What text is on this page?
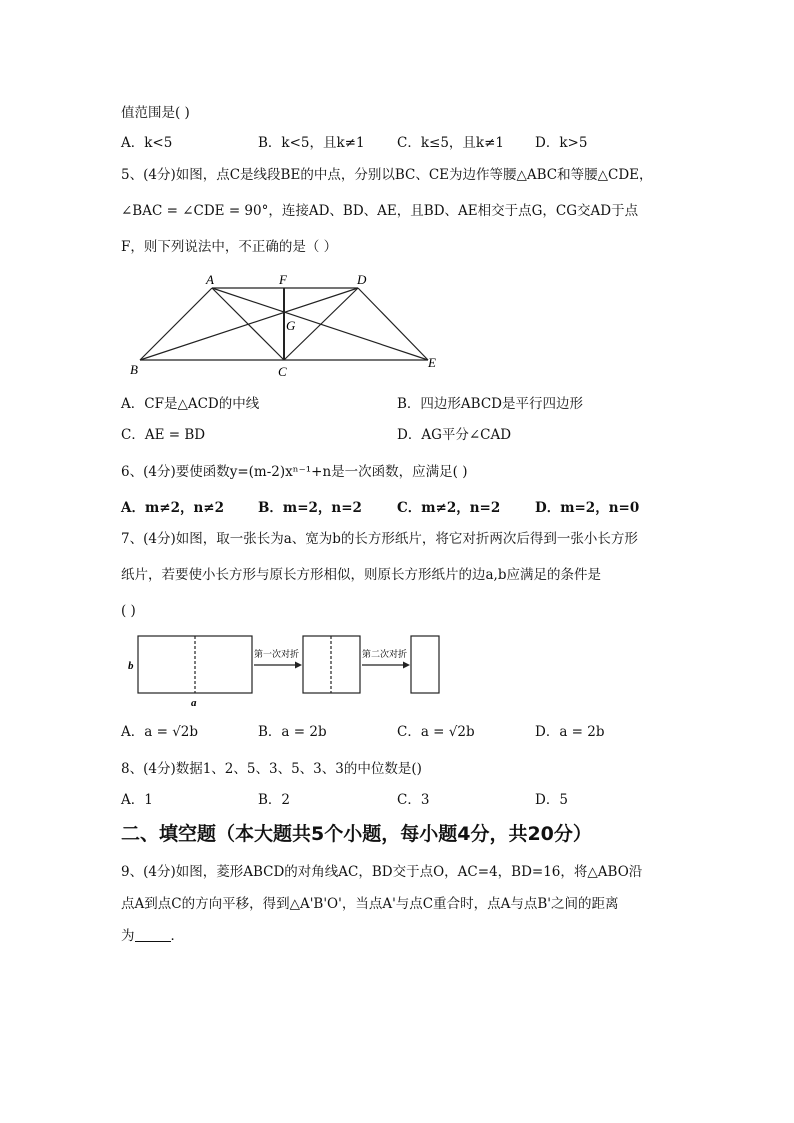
值范围是( )
A．k<5	B．k<5，且k≠1 C．k≤5，且k≠1 D．k>5
5、(4分)如图，点C是线段BE的中点，分别以BC、CE为边作等腰△ABC和等腰△CDE，
∠BAC = ∠CDE = 90°，连接AD、BD、AE，且BD、AE相交于点G，CG交AD于点
F，则下列说法中，不正确的是（ ）
A	F	D
G
B	C
E
A．CF是△ACD的中线	B．四边形ABCD是平行四边形
C．AE = BD	D．AG平分∠CAD
6、(4分)要使函数y=(m-2)xⁿ⁻¹+n是一次函数，应满足( )
A．m≠2，n≠2	B．m=2，n=2	C．m≠2，n=2	D．m=2，n=0
7、(4分)如图，取一张长为a、宽为b的长方形纸片，将它对折两次后得到一张小长方形
纸片，若要使小长方形与原长方形相似，则原长方形纸片的边a,b应满足的条件是
( )
b
a
第一次对折	第二次对折
A．a = √2b	B．a = 2b	C．a = √2b	D．a = 2b
8、(4分)数据1、2、5、3、5、3、3的中位数是()
A．1	B．2	C．3	D．5
二、填空题（本大题共5个小题，每小题4分，共20分）
9、(4分)如图，菱形ABCD的对角线AC，BD交于点O，AC=4，BD=16，将△ABO沿
点A到点C的方向平移，得到△A'B'O'，当点A'与点C重合时，点A与点B'之间的距离
为	．
